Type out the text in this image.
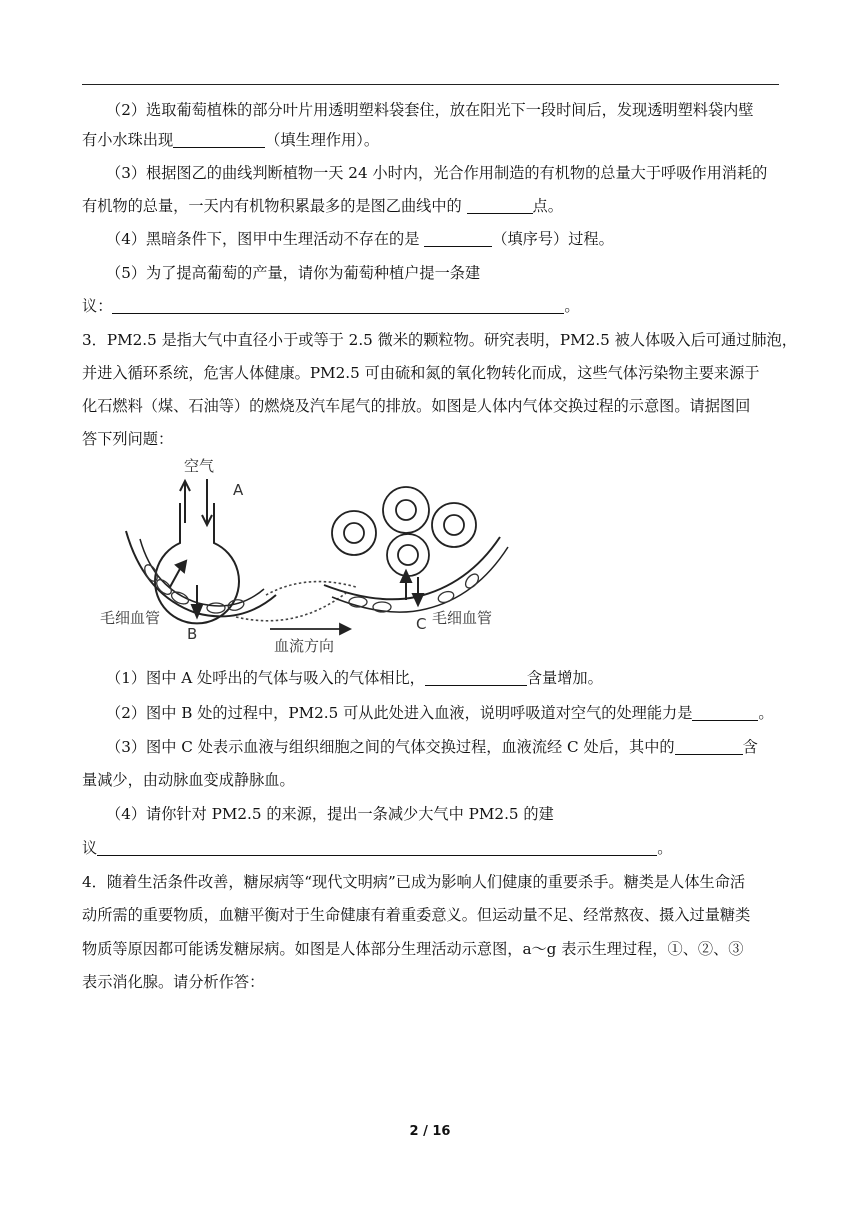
（2）选取葡萄植株的部分叶片用透明塑料袋套住，放在阳光下一段时间后，发现透明塑料袋内壁
有小水珠出现	（填生理作用）。
（3）根据图乙的曲线判断植物一天 24 小时内，光合作用制造的有机物的总量大于呼吸作用消耗的
有机物的总量，一天内有机物积累最多的是图乙曲线中的	点。
（4）黑暗条件下，图甲中生理活动不存在的是	（填序号）过程。
（5）为了提高葡萄的产量，请你为葡萄种植户提一条建
议：	。
3．PM2.5 是指大气中直径小于或等于 2.5 微米的颗粒物。研究表明，PM2.5 被人体吸入后可通过肺泡，
并进入循环系统，危害人体健康。PM2.5 可由硫和氮的氧化物转化而成，这些气体污染物主要来源于
化石燃料（煤、石油等）的燃烧及汽车尾气的排放。如图是人体内气体交换过程的示意图。请据图回
答下列问题：
空气
A
B
C
毛细血管	毛细血管
血流方向
（1）图中 A 处呼出的气体与吸入的气体相比，	含量增加。
（2）图中 B 处的过程中，PM2.5 可从此处进入血液，说明呼吸道对空气的处理能力是	。
（3）图中 C 处表示血液与组织细胞之间的气体交换过程，血液流经 C 处后，其中的	含
量减少，由动脉血变成静脉血。
（4）请你针对 PM2.5 的来源，提出一条减少大气中 PM2.5 的建
议	。
4．随着生活条件改善，糖尿病等“现代文明病”已成为影响人们健康的重要杀手。糖类是人体生命活
动所需的重要物质，血糖平衡对于生命健康有着重委意义。但运动量不足、经常熬夜、摄入过量糖类
物质等原因都可能诱发糖尿病。如图是人体部分生理活动示意图，a～g 表示生理过程，①、②、③
表示消化腺。请分析作答：
2 / 16
